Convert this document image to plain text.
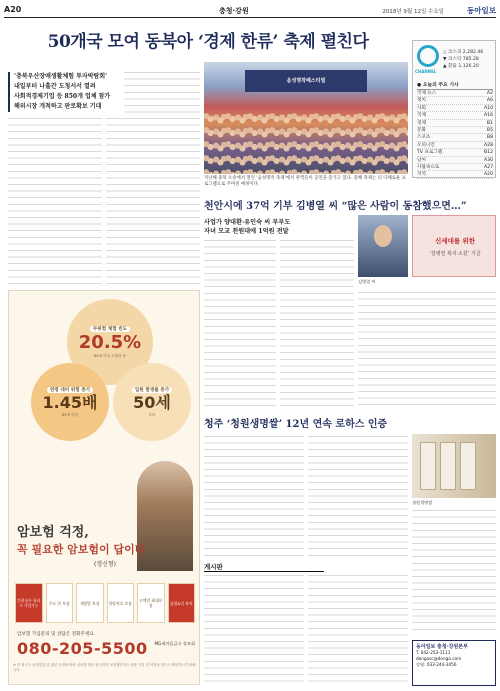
A20	충청·강원	2018년 9월 12일 수요일	동아일보
50개국 모여 동북아 ‘경제 한류’ 축제 펼친다
CHANNEL
△ 코스피 2,282.46
▼ 코스닥 785.28
▲ 환율 1,126.20
● 오늘의 주요 기사
국제 뉴스	A2
정치	A6
사회	A10
국제	A16
경제	B1
문화	B5
스포츠	B8
오피니언	A28
TV 프로그램	B12
날씨	A30
사람속으로	A27
지역	A20
‘충북우산장애생활체험 투자박람회’
내일부터 나흘간 도청서서 열려
사회적경제기업 등 850개 업체 참가
해외시장 개척하고 판로확보 기대
음성명작페스티벌
지난해 충북 오송에서 열린 ‘음성명작 축제’에서 관객들이 공연을 즐기고 있다. 올해 축제는 더 다채로운 프로그램으로 꾸며질 예정이다.
천안시에 37억 기부 김병열 씨 “많은 사람이 동참했으면…”
사업가 양대환·유인숙 씨 부부도
자녀 모교 천원대에 1억원 전달
김병열 씨
신세대를 위한
‘김병열 복지·소원’ 기금
무위험 체험 빈도
20.5%
80세 이상 고령자 중
연령 대비 위험 증가
1.45배
65세 이상
입원 발생률 증가
50세
부터
암보험 걱정,
꼭 필요한 암보험이 답이다
(갱신형)
간편심사 통과시 가입가능	주요 암 보장	재발암 보장	항암치료 보장	고액암 최대보장	슬림&덕 특약
암보험 가입문의 및 상담은 전화주세요.
080-205-5500	MG새마을금고 상조회
※ 이 광고는 보험업법 및 관련 규정에 따라 심의를 받은 광고이며 보험계약자는 상품 가입 전 약관을 반드시 확인하시기 바랍니다.
청주 ‘청원생명쌀’ 12년 연속 로하스 인증
청원생명쌀
게시판
동아일보 충청·강원본부
T. 042-253-1111
dongasc@donga.com
강원: 033-244-3456
